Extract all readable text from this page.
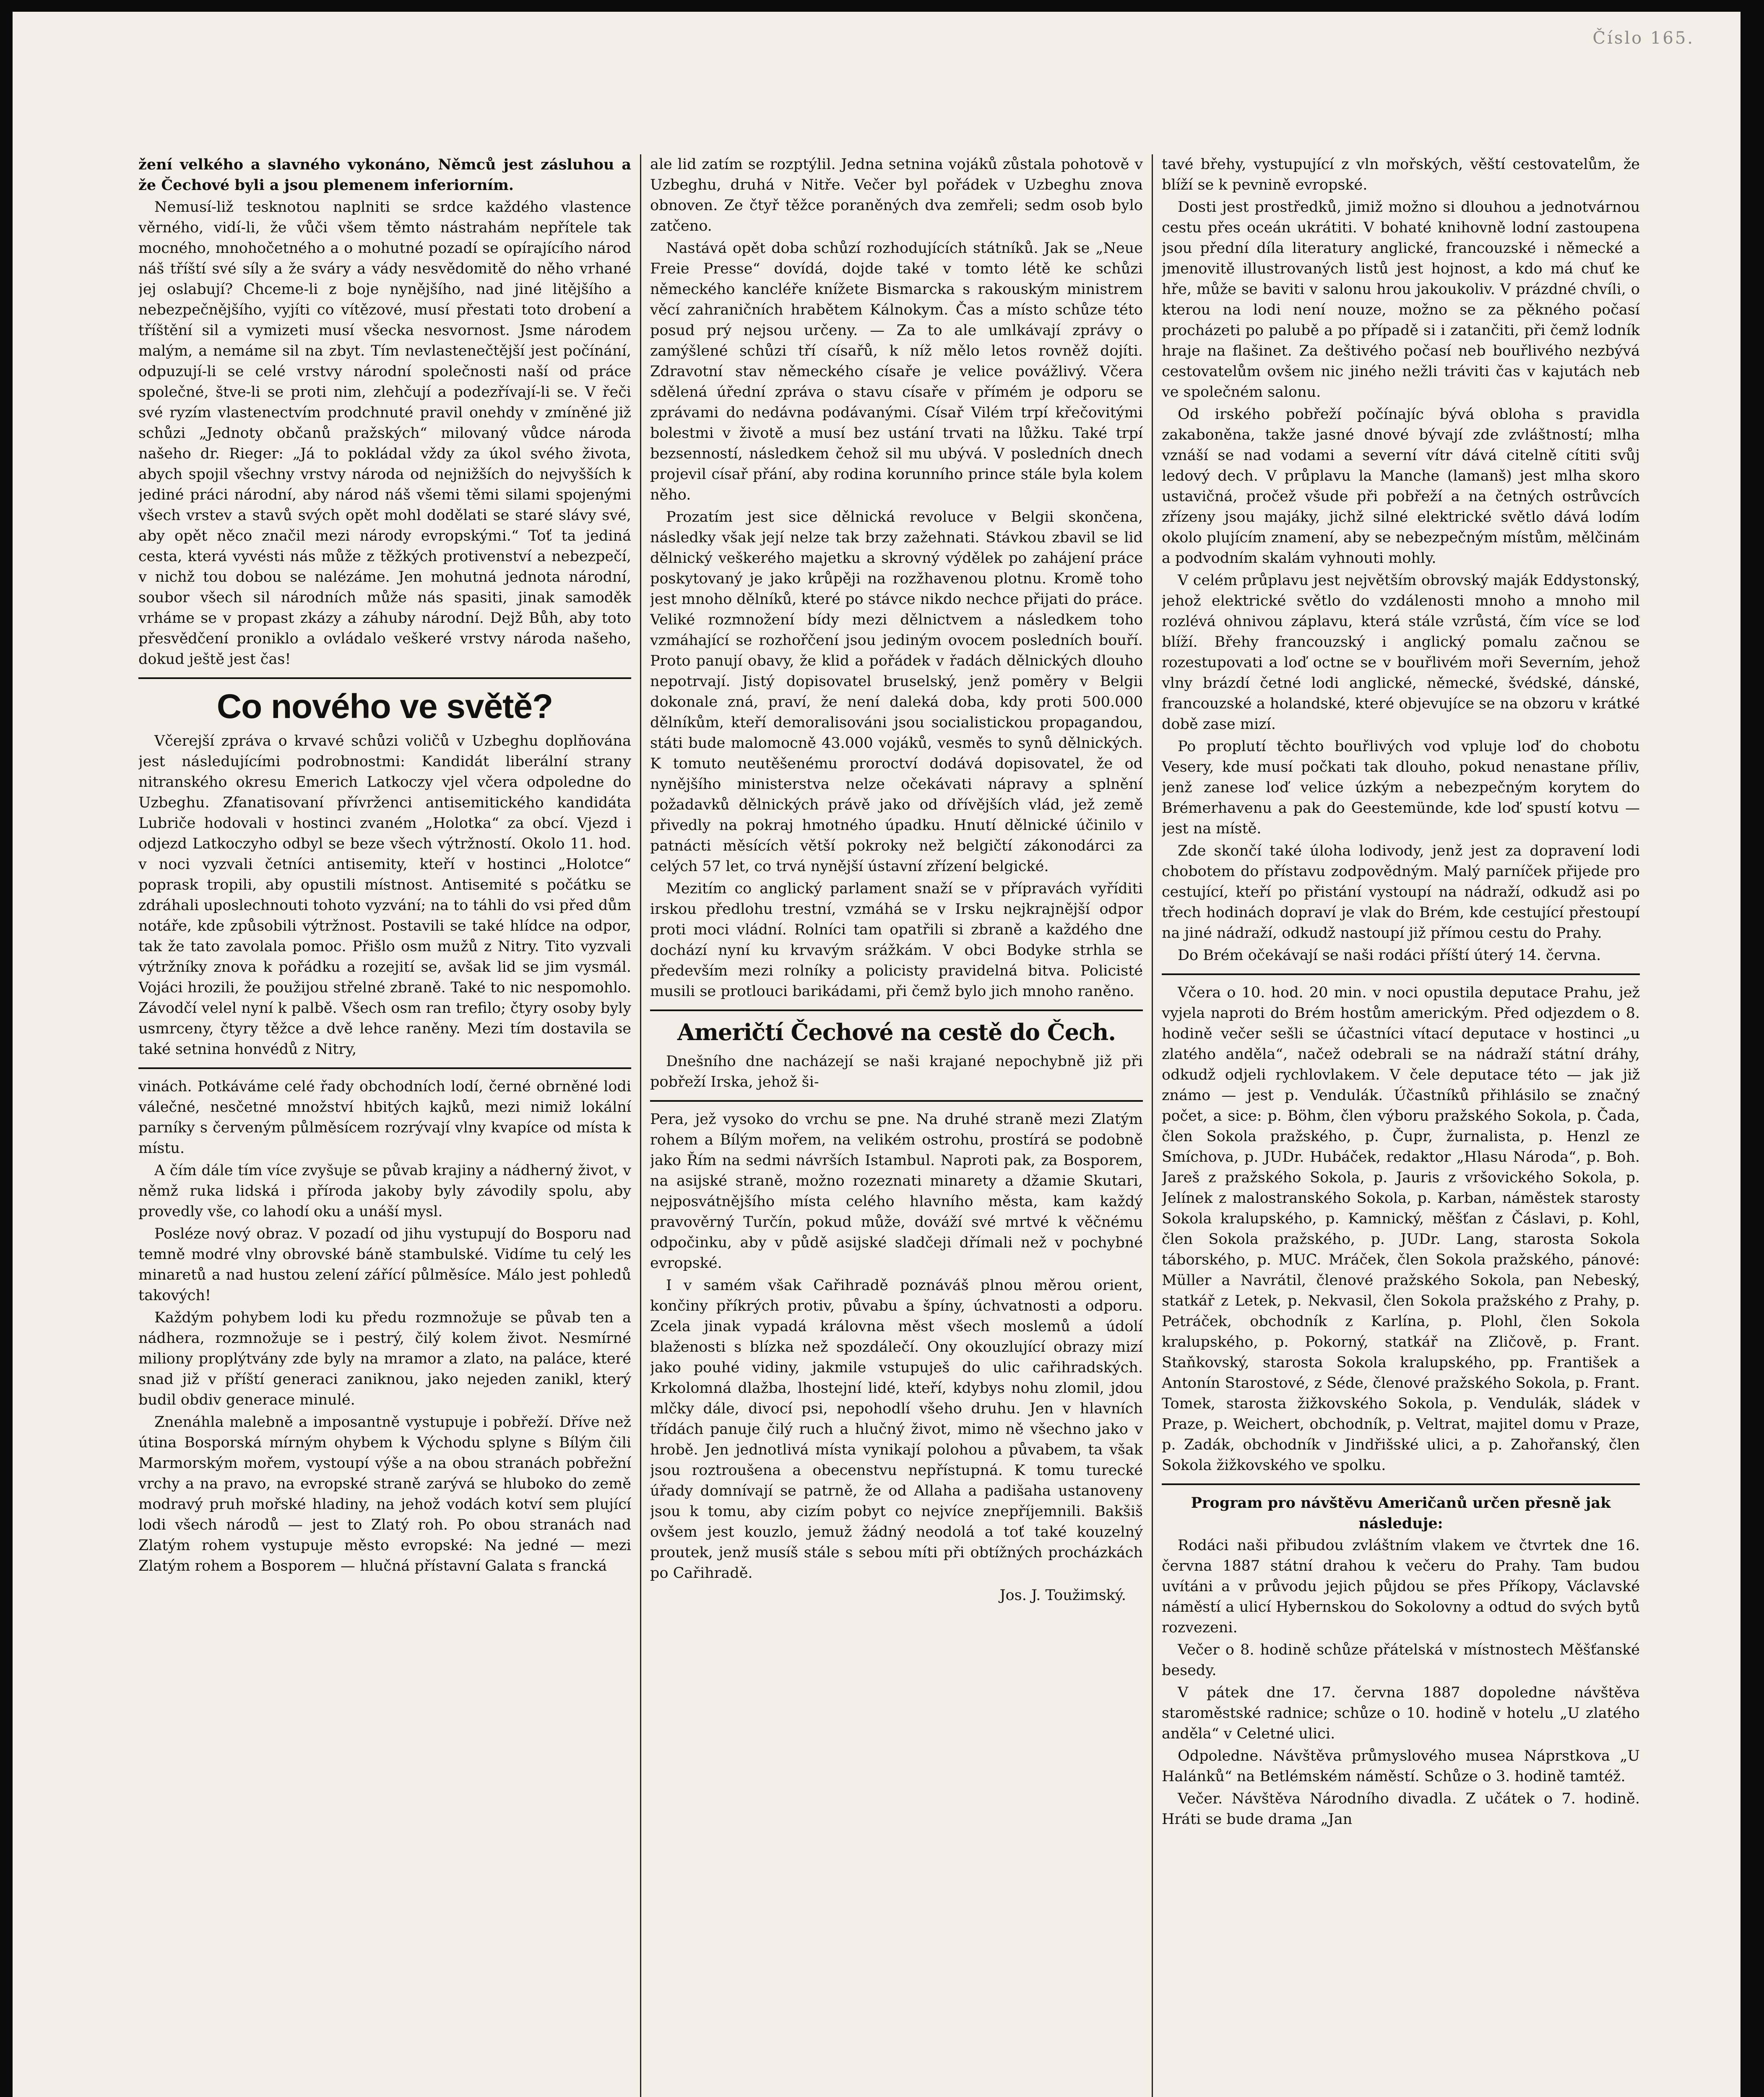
Číslo 165.

žení velkého a slavného vykonáno, Němců jest zásluhou a že Čechové byli a jsou plemenem inferiorním.

Nemusí-liž tesknotou naplniti se srdce každého vlastence věrného, vidí-li, že vůči všem těmto nástrahám nepřítele tak mocného, mnohočetného a o mohutné pozadí se opírajícího národ náš tříští své síly a že sváry a vády nesvědomitě do něho vrhané jej oslabují? Chceme-li z boje nynějšího, nad jiné litějšího a nebezpečnějšího, vyjíti co vítězové, musí přestati toto drobení a tříštění sil a vymizeti musí všecka nesvornost. Jsme národem malým, a nemáme sil na zbyt. Tím nevlastenečtější jest počínání, odpuzují-li se celé vrstvy národní společnosti naší od práce společné, štve-li se proti nim, zlehčují a podezřívají-li se. V řeči své ryzím vlastenectvím prodchnuté pravil onehdy v zmíněné již schůzi „Jednoty občanů pražských“ milovaný vůdce národa našeho dr. Rieger: „Já to pokládal vždy za úkol svého života, abych spojil všechny vrstvy národa od nejnižších do nejvyšších k jediné práci národní, aby národ náš všemi těmi silami spojenými všech vrstev a stavů svých opět mohl dodělati se staré slávy své, aby opět něco značil mezi národy evropskými.“ Toť ta jediná cesta, která vyvésti nás může z těžkých protivenství a nebezpečí, v nichž tou dobou se nalézáme. Jen mohutná jednota národní, soubor všech sil národních může nás spasiti, jinak samoděk vrháme se v propast zkázy a záhuby národní. Dejž Bůh, aby toto přesvědčení proniklo a ovládalo veškeré vrstvy národa našeho, dokud ještě jest čas!

Co nového ve světě?

Včerejší zpráva o krvavé schůzi voličů v Uzbeghu doplňována jest následujícími podrobnostmi: Kandidát liberální strany nitranského okresu Emerich Latkoczy vjel včera odpoledne do Uzbeghu. Zfanatisovaní přívrženci antisemitického kandidáta Lubriče hodovali v hostinci zvaném „Holotka“ za obcí. Vjezd i odjezd Latkoczyho odbyl se beze všech výtržností. Okolo 11. hod. v noci vyzvali četníci antisemity, kteří v hostinci „Holotce“ poprask tropili, aby opustili místnost. Antisemité s počátku se zdráhali uposlechnouti tohoto vyzvání; na to táhli do vsi před dům notáře, kde způsobili výtržnost. Postavili se také hlídce na odpor, tak že tato zavolala pomoc. Přišlo osm mužů z Nitry. Tito vyzvali výtržníky znova k pořádku a rozejití se, avšak lid se jim vysmál. Vojáci hrozili, že použijou střelné zbraně. Také to nic nespomohlo. Závodčí velel nyní k palbě. Všech osm ran trefilo; čtyry osoby byly usmrceny, čtyry těžce a dvě lehce raněny. Mezi tím dostavila se také setnina honvédů z Nitry,

vinách. Potkáváme celé řady obchodních lodí, černé obrněné lodi válečné, nesčetné množství hbitých kajků, mezi nimiž lokální parníky s červeným půlměsícem rozrývají vlny kvapíce od místa k místu.

A čím dále tím více zvyšuje se půvab krajiny a nádherný život, v němž ruka lidská i příroda jakoby byly závodily spolu, aby provedly vše, co lahodí oku a unáší mysl.

Posléze nový obraz. V pozadí od jihu vystupují do Bosporu nad temně modré vlny obrovské báně stambulské. Vidíme tu celý les minaretů a nad hustou zelení zářící půlměsíce. Málo jest pohledů takových!

Každým pohybem lodi ku předu rozmnožuje se půvab ten a nádhera, rozmnožuje se i pestrý, čilý kolem život. Nesmírné miliony proplýtvány zde byly na mramor a zlato, na paláce, které snad již v příští generaci zaniknou, jako nejeden zanikl, který budil obdiv generace minulé.

Znenáhla malebně a imposantně vystupuje i pobřeží. Dříve než útina Bosporská mírným ohybem k Východu splyne s Bílým čili Marmorským mořem, vystoupí výše a na obou stranách pobřežní vrchy a na pravo, na evropské straně zarývá se hluboko do země modravý pruh mořské hladiny, na jehož vodách kotví sem plující lodi všech národů — jest to Zlatý roh. Po obou stranách nad Zlatým rohem vystupuje město evropské: Na jedné — mezi Zlatým rohem a Bosporem — hlučná přístavní Galata s francká

ale lid zatím se rozptýlil. Jedna setnina vojáků zůstala pohotově v Uzbeghu, druhá v Nitře. Večer byl pořádek v Uzbeghu znova obnoven. Ze čtyř těžce poraněných dva zemřeli; sedm osob bylo zatčeno.

Nastává opět doba schůzí rozhodujících státníků. Jak se „Neue Freie Presse“ dovídá, dojde také v tomto létě ke schůzi německého kancléře knížete Bismarcka s rakouským ministrem věcí zahraničních hrabětem Kálnokym. Čas a místo schůze této posud prý nejsou určeny. — Za to ale umlkávají zprávy o zamýšlené schůzi tří císařů, k níž mělo letos rovněž dojíti. Zdravotní stav německého císaře je velice povážlivý. Včera sdělená úřední zpráva o stavu císaře v přímém je odporu se zprávami do nedávna podávanými. Císař Vilém trpí křečovitými bolestmi v životě a musí bez ustání trvati na lůžku. Také trpí bezsenností, následkem čehož sil mu ubývá. V posledních dnech projevil císař přání, aby rodina korunního prince stále byla kolem něho.

Prozatím jest sice dělnická revoluce v Belgii skončena, následky však její nelze tak brzy zažehnati. Stávkou zbavil se lid dělnický veškerého majetku a skrovný výdělek po zahájení práce poskytovaný je jako krůpěji na rozžhavenou plotnu. Kromě toho jest mnoho dělníků, které po stávce nikdo nechce přijati do práce. Veliké rozmnožení bídy mezi dělnictvem a následkem toho vzmáhající se rozhořčení jsou jediným ovocem posledních bouří. Proto panují obavy, že klid a pořádek v řadách dělnických dlouho nepotrvají. Jistý dopisovatel bruselský, jenž poměry v Belgii dokonale zná, praví, že není daleká doba, kdy proti 500.000 dělníkům, kteří demoralisováni jsou socialistickou propagandou, státi bude malomocně 43.000 vojáků, vesměs to synů dělnických. K tomuto neutěšenému proroctví dodává dopisovatel, že od nynějšího ministerstva nelze očekávati nápravy a splnění požadavků dělnických právě jako od dřívějších vlád, jež země přivedly na pokraj hmotného úpadku. Hnutí dělnické účinilo v patnácti měsících větší pokroky než belgičtí zákonodárci za celých 57 let, co trvá nynější ústavní zřízení belgické.

Mezitím co anglický parlament snaží se v přípravách vyříditi irskou předlohu trestní, vzmáhá se v Irsku nejkrajnější odpor proti moci vládní. Rolníci tam opatřili si zbraně a každého dne dochází nyní ku krvavým srážkám. V obci Bodyke strhla se především mezi rolníky a policisty pravidelná bitva. Policisté musili se protlouci barikádami, při čemž bylo jich mnoho raněno.

Američtí Čechové na cestě do Čech.

Dnešního dne nacházejí se naši krajané nepochybně již při pobřeží Irska, jehož ši-

Pera, jež vysoko do vrchu se pne. Na druhé straně mezi Zlatým rohem a Bílým mořem, na velikém ostrohu, prostírá se podobně jako Řím na sedmi návrších Istambul. Naproti pak, za Bosporem, na asijské straně, možno rozeznati minarety a džamie Skutari, nejposvátnějšího místa celého hlavního města, kam každý pravověrný Turčín, pokud může, dováží své mrtvé k věčnému odpočinku, aby v půdě asijské sladčeji dřímali než v pochybné evropské.

I v samém však Cařihradě poznáváš plnou měrou orient, končiny příkrých protiv, půvabu a špíny, úchvatnosti a odporu. Zcela jinak vypadá královna měst všech moslemů a údolí blaženosti s blízka než spozdálečí. Ony okouzlující obrazy mizí jako pouhé vidiny, jakmile vstupuješ do ulic cařihradských. Krkolomná dlažba, lhostejní lidé, kteří, kdybys nohu zlomil, jdou mlčky dále, divocí psi, nepohodlí všeho druhu. Jen v hlavních třídách panuje čilý ruch a hlučný život, mimo ně všechno jako v hrobě. Jen jednotlivá místa vynikají polohou a půvabem, ta však jsou roztroušena a obecenstvu nepřístupná. K tomu turecké úřady domnívají se patrně, že od Allaha a padišaha ustanoveny jsou k tomu, aby cizím pobyt co nejvíce znepříjemnili. Bakšiš ovšem jest kouzlo, jemuž žádný neodolá a toť také kouzelný proutek, jenž musíš stále s sebou míti při obtížných procházkách po Cařihradě.

Jos. J. Toužimský.

tavé břehy, vystupující z vln mořských, věští cestovatelům, že blíží se k pevnině evropské.

Dosti jest prostředků, jimiž možno si dlouhou a jednotvárnou cestu přes oceán ukrátiti. V bohaté knihovně lodní zastoupena jsou přední díla literatury anglické, francouzské i německé a jmenovitě illustrovaných listů jest hojnost, a kdo má chuť ke hře, může se baviti v salonu hrou jakoukoliv. V prázdné chvíli, o kterou na lodi není nouze, možno se za pěkného počasí procházeti po palubě a po případě si i zatančiti, při čemž lodník hraje na flašinet. Za deštivého počasí neb bouřlivého nezbývá cestovatelům ovšem nic jiného nežli tráviti čas v kajutách neb ve společném salonu.

Od irského pobřeží počínajíc bývá obloha s pravidla zakaboněna, takže jasné dnové bývají zde zvláštností; mlha vznáší se nad vodami a severní vítr dává citelně cítiti svůj ledový dech. V průplavu la Manche (lamanš) jest mlha skoro ustavičná, pročež všude při pobřeží a na četných ostrůvcích zřízeny jsou majáky, jichž silné elektrické světlo dává lodím okolo plujícím znamení, aby se nebezpečným místům, mělčinám a podvodním skalám vyhnouti mohly.

V celém průplavu jest největším obrovský maják Eddystonský, jehož elektrické světlo do vzdálenosti mnoho a mnoho mil rozlévá ohnivou záplavu, která stále vzrůstá, čím více se loď blíží. Břehy francouzský i anglický pomalu začnou se rozestupovati a loď octne se v bouřlivém moři Severním, jehož vlny brázdí četné lodi anglické, německé, švédské, dánské, francouzské a holandské, které objevujíce se na obzoru v krátké době zase mizí.

Po proplutí těchto bouřlivých vod vpluje loď do chobotu Vesery, kde musí počkati tak dlouho, pokud nenastane příliv, jenž zanese loď velice úzkým a nebezpečným korytem do Brémerhavenu a pak do Geestemünde, kde loď spustí kotvu — jest na místě.

Zde skončí také úloha lodivody, jenž jest za dopravení lodi chobotem do přístavu zodpovědným. Malý parníček přijede pro cestující, kteří po přistání vystoupí na nádraží, odkudž asi po třech hodinách dopraví je vlak do Brém, kde cestující přestoupí na jiné nádraží, odkudž nastoupí již přímou cestu do Prahy.

Do Brém očekávají se naši rodáci příští úterý 14. června.

Včera o 10. hod. 20 min. v noci opustila deputace Prahu, jež vyjela naproti do Brém hostům americkým. Před odjezdem o 8. hodině večer sešli se účastníci vítací deputace v hostinci „u zlatého anděla“, načež odebrali se na nádraží státní dráhy, odkudž odjeli rychlovlakem. V čele deputace této — jak již známo — jest p. Vendulák. Účastníků přihlásilo se značný počet, a sice: p. Böhm, člen výboru pražského Sokola, p. Čada, člen Sokola pražského, p. Čupr, žurnalista, p. Henzl ze Smíchova, p. JUDr. Hubáček, redaktor „Hlasu Národa“, p. Boh. Jareš z pražského Sokola, p. Jauris z vršovického Sokola, p. Jelínek z malostranského Sokola, p. Karban, náměstek starosty Sokola kralupského, p. Kamnický, měšťan z Čáslavi, p. Kohl, člen Sokola pražského, p. JUDr. Lang, starosta Sokola táborského, p. MUC. Mráček, člen Sokola pražského, pánové: Müller a Navrátil, členové pražského Sokola, pan Nebeský, statkář z Letek, p. Nekvasil, člen Sokola pražského z Prahy, p. Petráček, obchodník z Karlína, p. Plohl, člen Sokola kralupského, p. Pokorný, statkář na Zličově, p. Frant. Staňkovský, starosta Sokola kralupského, pp. František a Antonín Starostové, z Séde, členové pražského Sokola, p. Frant. Tomek, starosta žižkovského Sokola, p. Vendulák, sládek v Praze, p. Weichert, obchodník, p. Veltrat, majitel domu v Praze, p. Zadák, obchodník v Jindřišské ulici, a p. Zahořanský, člen Sokola žižkovského ve spolku.

Program pro návštěvu Američanů určen přesně jak následuje:

Rodáci naši přibudou zvláštním vlakem ve čtvrtek dne 16. června 1887 státní drahou k večeru do Prahy. Tam budou uvítáni a v průvodu jejich půjdou se přes Příkopy, Václavské náměstí a ulicí Hybernskou do Sokolovny a odtud do svých bytů rozvezeni.

Večer o 8. hodině schůze přátelská v místnostech Měšťanské besedy.

V pátek dne 17. června 1887 dopoledne návštěva staroměstské radnice; schůze o 10. hodině v hotelu „U zlatého anděla“ v Celetné ulici.

Odpoledne. Návštěva průmyslového musea Náprstkova „U Halánků“ na Betlémském náměstí. Schůze o 3. hodině tamtéž.

Večer. Návštěva Národního divadla. Z učátek o 7. hodině. Hráti se bude drama „Jan
